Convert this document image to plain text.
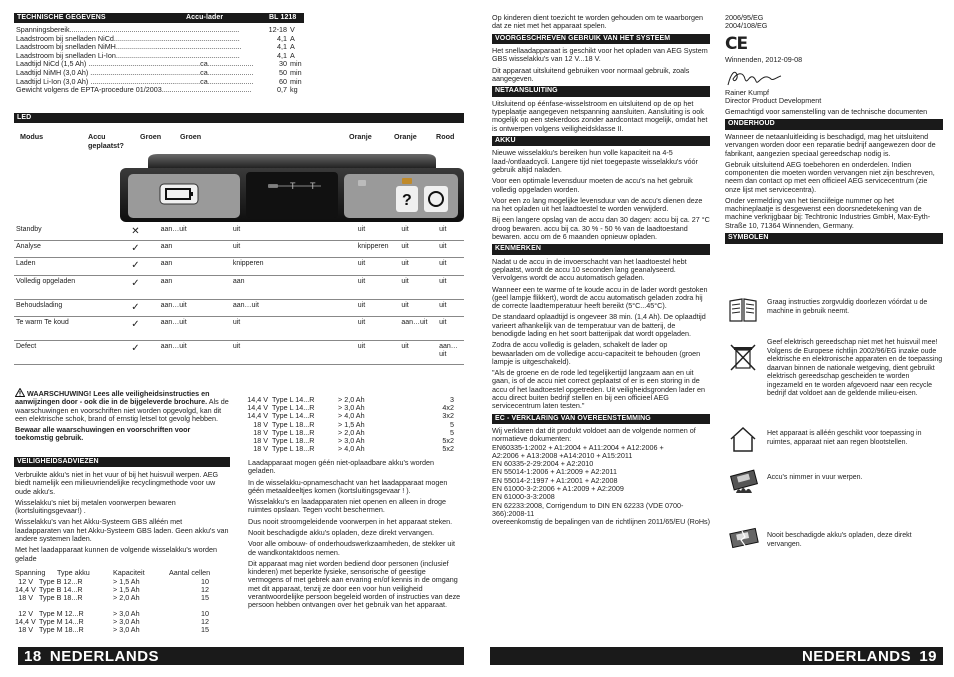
TECHNISCHE GEGEVENS	Accu-lader	BL 1218
Spanningsbereik.....................................................................................	12-18 V
Laadstroom bij snelladen NiCd...............................................................	4,1 A
Laadstroom bij snelladen NiMH...............................................................	4,1 A
Laadstroom bij snelladen Li-Ion..............................................................	4,1 A
Laadtijd NiCd (1,5 Ah) ........................................................ca.......................	30 min
Laadtijd NiMH (3,0 Ah) .......................................................ca.......................	50 min
Laadtijd Li-Ion (3,0 Ah) .......................................................ca.......................	60 min
Gewicht volgens de EPTA-procedure 01/2003.............................................	0,7 kg
LED
Modus	Accu geplaatst?
Groen	Groen	Oranje	Oranje	Rood
T T
?
Standby	✕	aan…uit	uit	uit	uit	uit
Analyse	✓	aan	uit	knipperen	uit	uit
Laden	✓	aan	knipperen	uit	uit	uit
Volledig opgeladen	✓	aan	aan	uit	uit	uit
Behoudslading	✓	aan…uit	aan…uit	uit	uit	uit
Te warm Te koud	✓	aan…uit	uit	uit	aan…uit	uit
Defect	✓	aan…uit	uit	uit	uit	aan… uit
WAARSCHUWING! Lees alle veiligheidsinstructies en aanwijzingen door - ook die in de bijgeleverde brochure. Als de waarschuwingen en voorschriften niet worden opgevolgd, kan dit een elektrische schok, brand of ernstig letsel tot gevolg hebben.
Bewaar alle waarschuwingen en voorschriften voor toekomstig gebruik.
VEILIGHEIDSADVIEZEN
Verbruikte akku's niet in het vuur of bij het huisvuil werpen. AEG biedt namelijk een milieuvriendelijke recyclingmethode voor uw oude akku's.
Wisselakku's niet bij metalen voorwerpen bewaren (kortsluitingsgevaar!) .
Wisselakku's van het Akku-Systeem GBS alléén met laadapparaten van het Akku-Systeem GBS laden. Geen akku's van andere systemen laden.
Met het laadapparaat kunnen de volgende wisselakku's worden gelade
Spanning	Type akku	Kapaciteit	Aantal cellen
12 V Type B 12...R	> 1,5 Ah	10
14,4 V Type B 14...R	> 1,5 Ah	12
18 V Type B 18...R	> 2,0 Ah	15
12 V Type M 12...R	> 3,0 Ah	10
14,4 V Type M 14...R	> 3,0 Ah	12
18 V Type M 18...R	> 3,0 Ah	15
14,4 V Type L 14...R	> 2,0 Ah	3
14,4 V Type L 14...R	> 3,0 Ah	4x2
14,4 V Type L 14...R	> 4,0 Ah	3x2
18 V Type L 18...R	> 1,5 Ah	5
18 V Type L 18...R	> 2,0 Ah	5
18 V Type L 18...R	> 3,0 Ah	5x2
18 V Type L 18...R	> 4,0 Ah	5x2
Laadapparaat mogen géén niet-oplaadbare akku's worden geladen.
In de wisselakku-opnameschacht van het laadapparaat mogen géén metaaldeeltjes komen (kortsluitingsgevaar ! ).
Wisselakku's en laadapparaten niet openen en alleen in droge ruimtes opslaan. Tegen vocht beschermen.
Dus nooit stroomgeleidende voorwerpen in het apparaat steken.
Nooit beschadigde akku's opladen, deze direkt vervangen.
Voor alle ombouw- of onderhoudswerkzaamheden, de stekker uit de wandkontaktdoos nemen.
Dit apparaat mag niet worden bediend door personen (inclusief kinderen) met beperkte fysieke, sensorische of geestige vermogens of met gebrek aan ervaring en/of kennis in de omgang met dit apparaat, tenzij ze door een voor hun veiligheid verantwoordelijke persoon begeleid worden of instructies van deze persoon hebben ontvangen over het gebruik van het apparaat.
18 NEDERLANDS
Op kinderen dient toezicht te worden gehouden om te waarborgen dat ze niet met het apparaat spelen.
VOORGESCHREVEN GEBRUIK VAN HET SYSTEEM
Het snellaadapparaat is geschikt voor het opladen van AEG System GBS wisselakku's van 12 V...18 V.
Dit apparaat uitsluitend gebruiken voor normaal gebruik, zoals aangegeven.
NETAANSLUITING
Uitsluitend op éénfase-wisselstroom en uitsluitend op de op het typeplaatje aangegeven netspanning aansluiten. Aansluiting is ook mogelijk op een stekerdoos zonder aardcontact mogelijk, omdat het is ontwerpen volgens veiligheidsklasse II.
AKKU
Nieuwe wisselakku's bereiken hun volle kapaciteit na 4-5 laad-/ontlaadcycli. Langere tijd niet toegepaste wisselakku's vóór gebruik altijd naladen.
Voor een optimale levensduur moeten de accu's na het gebruik volledig opgeladen worden.
Voor een zo lang mogelijke levensduur van de accu's dienen deze na het opladen uit het laadtoestel te worden verwijderd.
Bij een langere opslag van de accu dan 30 dagen: accu bij ca. 27 °C droog bewaren. accu bij ca. 30 % - 50 % van de laadtoestand bewaren. accu om de 6 maanden opnieuw opladen.
KENMERKEN
Nadat u de accu in de invoerschacht van het laadtoestel hebt geplaatst, wordt de accu 10 seconden lang geanalyseerd. Vervolgens wordt de accu automatisch geladen.
Wanneer een te warme of te koude accu in de lader wordt gestoken (geel lampje flikkert), wordt de accu automatisch geladen zodra hij de correcte laadtemperatuur heeft bereikt (5°C...45°C).
De standaard oplaadtijd is ongeveer 38 min. (1,4 Ah). De oplaadtijd varieert afhankelijk van de temperatuur van de batterij, de benodigde lading en het soort batterijpak dat wordt opgeladen.
Zodra de accu volledig is geladen, schakelt de lader op bewaarladen om de volledige accu-capaciteit te behouden (groen lampje is uitgeschakeld).
"Als de groene en de rode led tegelijkertijd langzaam aan en uit gaan, is of de accu niet correct geplaatst of er is een storing in de accu of het laadtoestel opgetreden. Uit veiligheidsgronden lader en accu direct buiten bedrijf stellen en bij een officieel AEG servicecentrum laten testen."
EC - VERKLARING VAN OVEREENSTEMMING
Wij verklaren dat dit produkt voldoet aan de volgende normen of normatieve dokumenten:
EN60335-1:2002 + A1:2004 + A11:2004 + A12:2006 +
A2:2006 + A13:2008 +A14:2010 + A15:2011
EN 60335-2-29:2004 + A2:2010
EN 55014-1:2006 + A1:2009 + A2:2011
EN 55014-2:1997 + A1:2001 + A2:2008
EN 61000-3-2:2006 + A1:2009 + A2:2009
EN 61000-3-3:2008
EN 62233:2008, Corrigendum to DIN EN 62233 (VDE 0700-366):2008-11
overeenkomstig de bepalingen van de richtlijnen 2011/65/EU (RoHs)
2006/95/EG
2004/108/EG
CE
Winnenden, 2012-09-08
Rainer Kumpf
Director Product Development
Gemachtigd voor samenstelling van de technische documenten
ONDERHOUD
Wanneer de netaanluitleiding is beschadigd, mag het uitsluitend vervangen worden door een reparatie bedrijf aangewezen door de fabrikant, aangezien speciaal gereedschap nodig is.
Gebruik uitsluitend AEG toebehoren en onderdelen. Indien componenten die moeten worden vervangen niet zijn beschreven, neem dan contact op met een officieel AEG servicecentrum (zie onze lijst met servicecentra).
Onder vermelding van het tienciifeige nummer op het machineplaatje is desgewenst een doorsnedetekening van de machine verkrijgbaar bij: Techtronic Industries GmbH, Max-Eyth-Straße 10, 71364 Winnenden, Germany.
SYMBOLEN
Graag instructies zorgvuldig doorlezen vóórdat u de machine in gebruik neemt.
Geef elektrisch gereedschap niet met het huisvuil mee! Volgens de Europese richtlijn 2002/96/EG inzake oude elektrische en elektronische apparaten en de toepassing daarvan binnen de nationale wetgeving, dient gebruikt elektrisch gereedschap gescheiden te worden ingezameld en te worden afgevoerd naar een recycle bedrijf dat voldoet aan de geldende milieu-eisen.
Het apparaat is alléén geschikt voor toepassing in ruimtes, apparaat niet aan regen blootstellen.
Accu's nimmer in vuur werpen.
Nooit beschadigde akku's opladen, deze direkt vervangen.
NEDERLANDS 19
